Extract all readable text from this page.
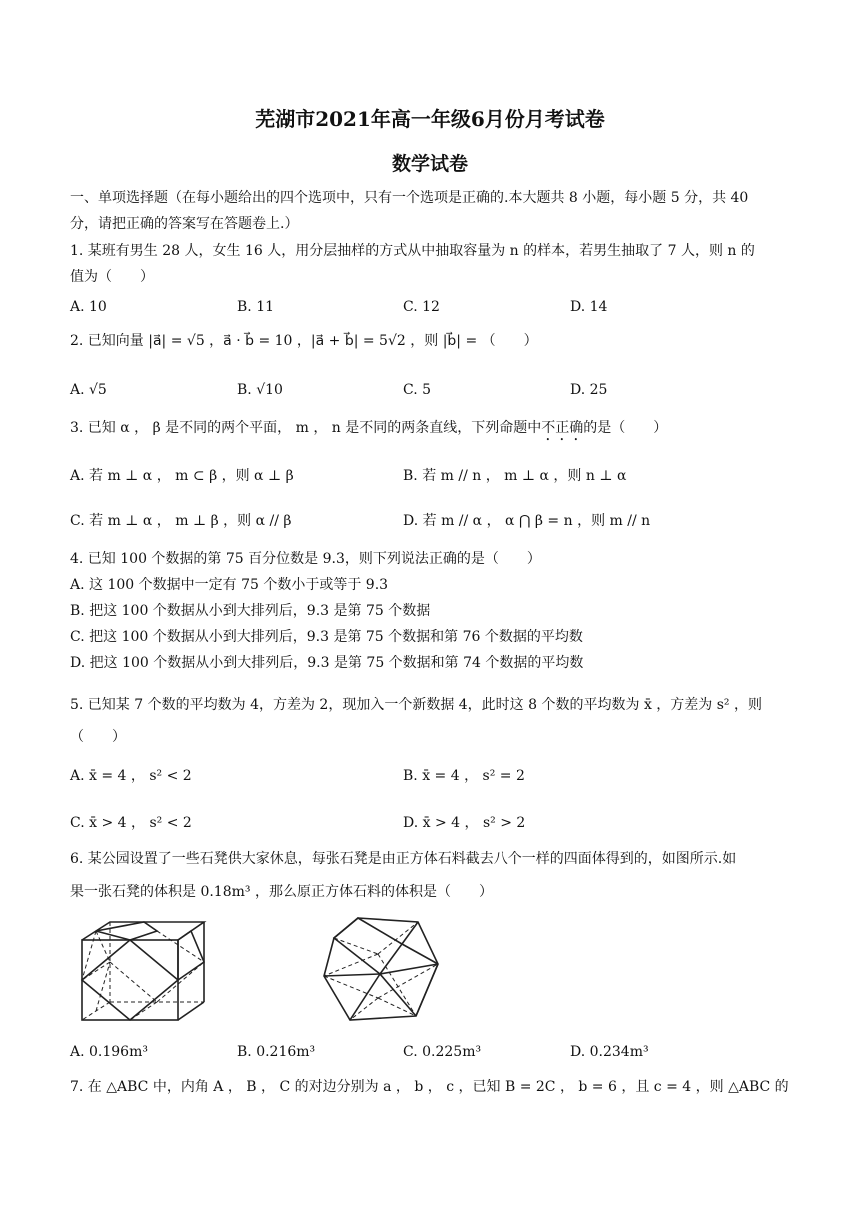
芜湖市2021年高一年级6月份月考试卷
数学试卷
一、单项选择题（在每小题给出的四个选项中，只有一个选项是正确的.本大题共 8 小题，每小题 5 分，共 40
分，请把正确的答案写在答题卷上.）
1. 某班有男生 28 人，女生 16 人，用分层抽样的方式从中抽取容量为 n 的样本，若男生抽取了 7 人，则 n 的
值为（　　）
A. 10	B. 11	C. 12	D. 14
2. 已知向量 |a⃗| = √5 ，a⃗ · b⃗ = 10 ，|a⃗ + b⃗| = 5√2 ，则 |b⃗| = （　　）
A. √5	B. √10	C. 5	D. 25
3. 已知 α ， β 是不同的两个平面， m ， n 是不同的两条直线，下列命题中不正确的是（　　）
A. 若 m ⊥ α ， m ⊂ β ，则 α ⊥ β	B. 若 m // n ， m ⊥ α ，则 n ⊥ α
C. 若 m ⊥ α ， m ⊥ β ，则 α // β	D. 若 m // α ， α ⋂ β = n ，则 m // n
4. 已知 100 个数据的第 75 百分位数是 9.3，则下列说法正确的是（　　）
A. 这 100 个数据中一定有 75 个数小于或等于 9.3
B. 把这 100 个数据从小到大排列后，9.3 是第 75 个数据
C. 把这 100 个数据从小到大排列后，9.3 是第 75 个数据和第 76 个数据的平均数
D. 把这 100 个数据从小到大排列后，9.3 是第 75 个数据和第 74 个数据的平均数
5. 已知某 7 个数的平均数为 4，方差为 2，现加入一个新数据 4，此时这 8 个数的平均数为 x̄ ，方差为 s² ，则
（　　）
A. x̄ = 4 ， s² < 2	B. x̄ = 4 ， s² = 2
C. x̄ > 4 ， s² < 2	D. x̄ > 4 ， s² > 2
6. 某公园设置了一些石凳供大家休息，每张石凳是由正方体石料截去八个一样的四面体得到的，如图所示.如
果一张石凳的体积是 0.18m³ ，那么原正方体石料的体积是（　　）
A. 0.196m³	B. 0.216m³	C. 0.225m³	D. 0.234m³
7. 在 △ABC 中，内角 A ， B ， C 的对边分别为 a ， b ， c ，已知 B = 2C ， b = 6 ，且 c = 4 ，则 △ABC 的
